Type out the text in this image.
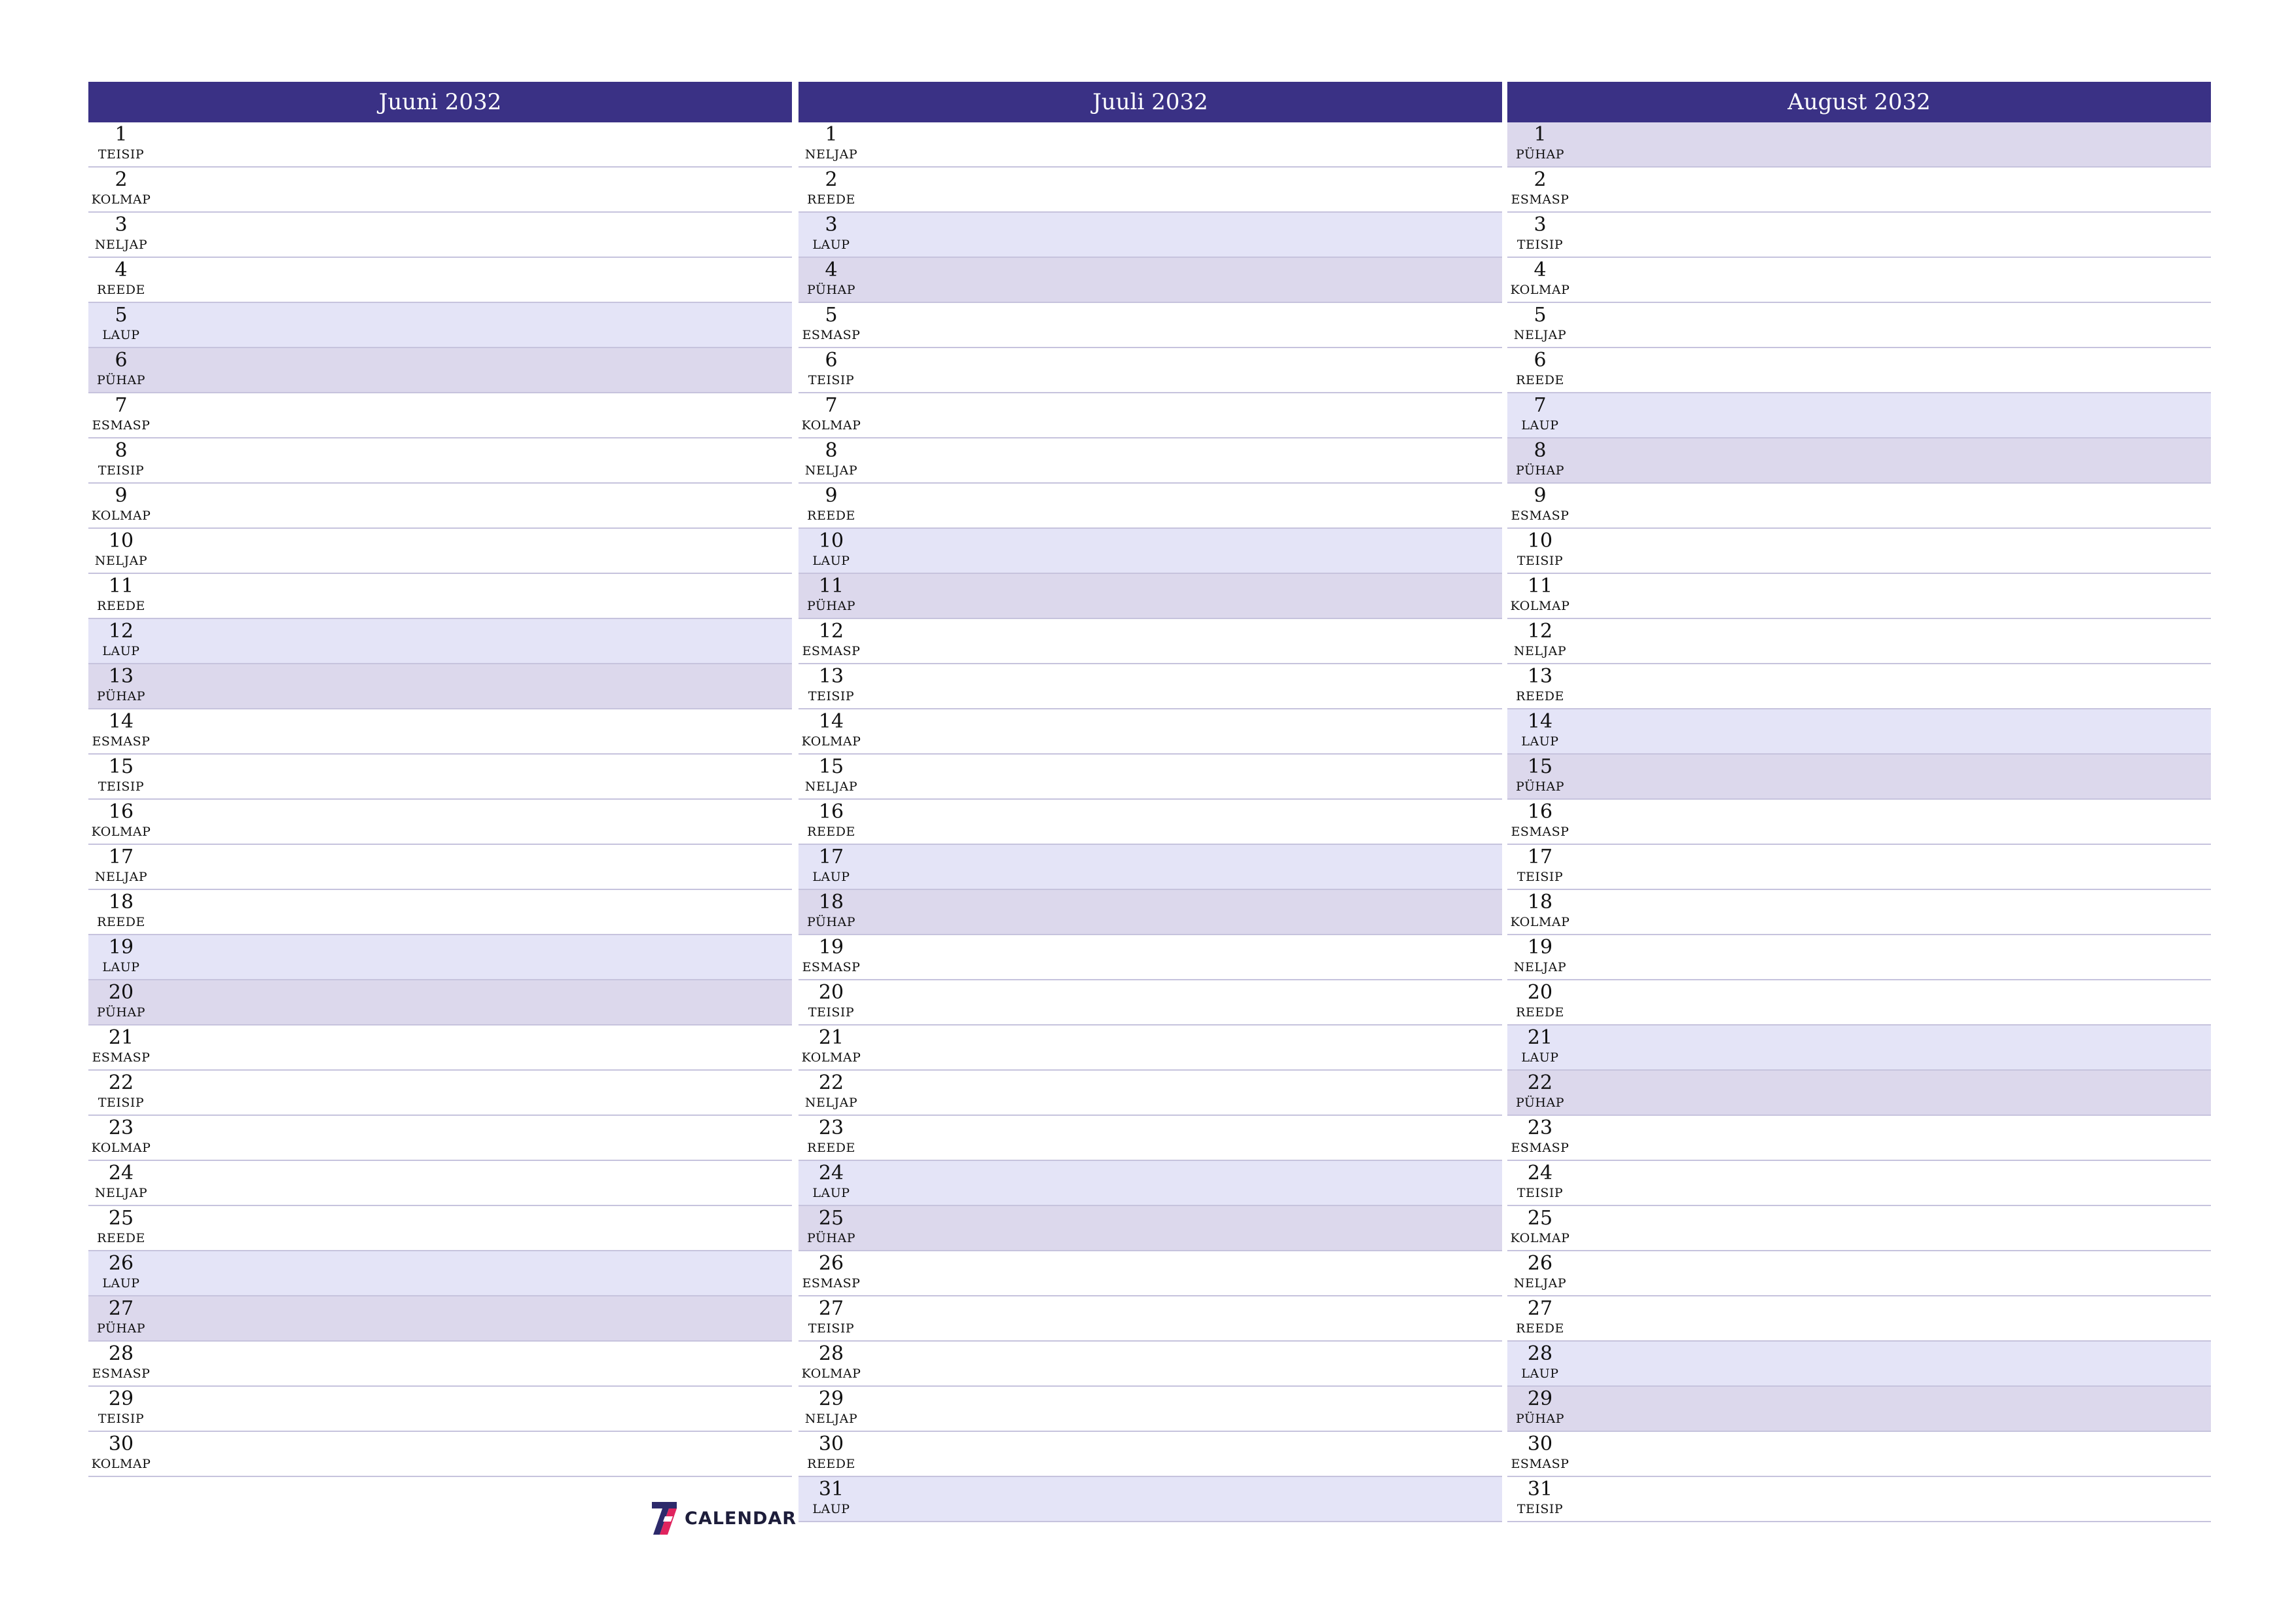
Juuni 2032
1
TEISIP
2
KOLMAP
3
NELJAP
4
REEDE
5
LAUP
6
PÜHAP
7
ESMASP
8
TEISIP
9
KOLMAP
10
NELJAP
11
REEDE
12
LAUP
13
PÜHAP
14
ESMASP
15
TEISIP
16
KOLMAP
17
NELJAP
18
REEDE
19
LAUP
20
PÜHAP
21
ESMASP
22
TEISIP
23
KOLMAP
24
NELJAP
25
REEDE
26
LAUP
27
PÜHAP
28
ESMASP
29
TEISIP
30
KOLMAP
Juuli 2032
1
NELJAP
2
REEDE
3
LAUP
4
PÜHAP
5
ESMASP
6
TEISIP
7
KOLMAP
8
NELJAP
9
REEDE
10
LAUP
11
PÜHAP
12
ESMASP
13
TEISIP
14
KOLMAP
15
NELJAP
16
REEDE
17
LAUP
18
PÜHAP
19
ESMASP
20
TEISIP
21
KOLMAP
22
NELJAP
23
REEDE
24
LAUP
25
PÜHAP
26
ESMASP
27
TEISIP
28
KOLMAP
29
NELJAP
30
REEDE
31
LAUP
August 2032
1
PÜHAP
2
ESMASP
3
TEISIP
4
KOLMAP
5
NELJAP
6
REEDE
7
LAUP
8
PÜHAP
9
ESMASP
10
TEISIP
11
KOLMAP
12
NELJAP
13
REEDE
14
LAUP
15
PÜHAP
16
ESMASP
17
TEISIP
18
KOLMAP
19
NELJAP
20
REEDE
21
LAUP
22
PÜHAP
23
ESMASP
24
TEISIP
25
KOLMAP
26
NELJAP
27
REEDE
28
LAUP
29
PÜHAP
30
ESMASP
31
TEISIP
CALENDAR
